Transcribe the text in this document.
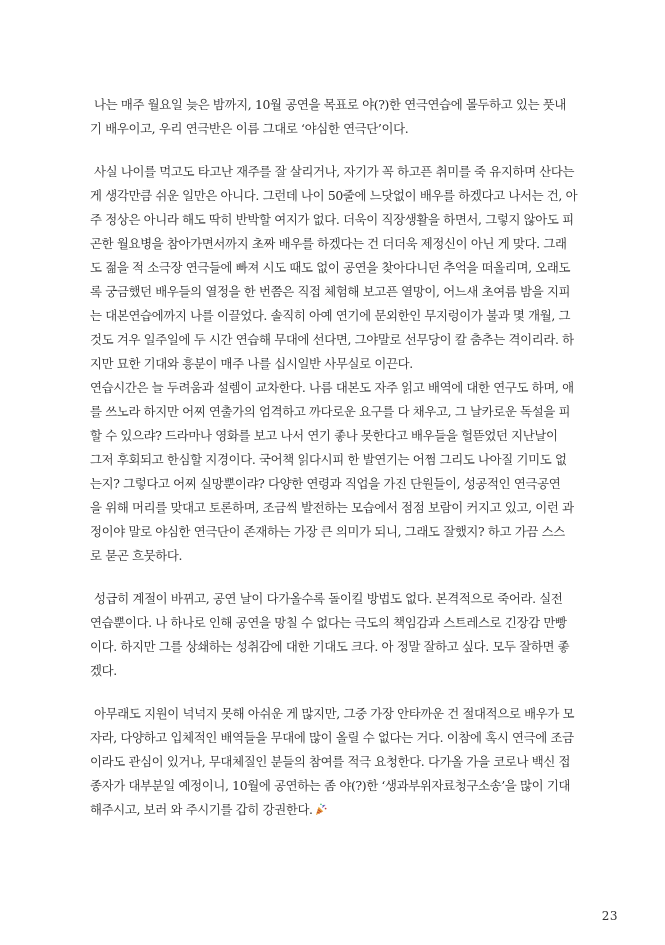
나는 매주 월요일 늦은 밤까지, 10월 공연을 목표로 야(?)한 연극연습에 몰두하고 있는 풋내
기 배우이고, 우리 연극반은 이름 그대로 ‘야심한 연극단’이다.

사실 나이를 먹고도 타고난 재주를 잘 살리거나, 자기가 꼭 하고픈 취미를 죽 유지하며 산다는
게 생각만큼 쉬운 일만은 아니다. 그런데 나이 50줄에 느닷없이 배우를 하겠다고 나서는 건, 아
주 정상은 아니라 해도 딱히 반박할 여지가 없다. 더욱이 직장생활을 하면서, 그렇지 않아도 피
곤한 월요병을 참아가면서까지 초짜 배우를 하겠다는 건 더더욱 제정신이 아닌 게 맞다. 그래
도 젊을 적 소극장 연극들에 빠져 시도 때도 없이 공연을 찾아다니던 추억을 떠올리며, 오래도
록 궁금했던 배우들의 열정을 한 번쯤은 직접 체험해 보고픈 열망이, 어느새 초여름 밤을 지피
는 대본연습에까지 나를 이끌었다. 솔직히 아예 연기에 문외한인 무지렁이가 불과 몇 개월, 그
것도 겨우 일주일에 두 시간 연습해 무대에 선다면, 그야말로 선무당이 칼 춤추는 격이리라. 하
지만 묘한 기대와 흥분이 매주 나를 십시일반 사무실로 이끈다.

연습시간은 늘 두려움과 설렘이 교차한다. 나름 대본도 자주 읽고 배역에 대한 연구도 하며, 애
를 쓰노라 하지만 어찌 연출가의 엄격하고 까다로운 요구를 다 채우고, 그 날카로운 독설을 피
할 수 있으랴? 드라마나 영화를 보고 나서 연기 좋나 못한다고 배우들을 헐뜯었던 지난날이
그저 후회되고 한심할 지경이다. 국어책 읽다시피 한 발연기는 어쩜 그리도 나아질 기미도 없
는지? 그렇다고 어찌 실망뿐이랴? 다양한 연령과 직업을 가진 단원들이, 성공적인 연극공연
을 위해 머리를 맞대고 토론하며, 조금씩 발전하는 모습에서 점점 보람이 커지고 있고, 이런 과
정이야 말로 야심한 연극단이 존재하는 가장 큰 의미가 되니, 그래도 잘했지? 하고 가끔 스스
로 묻곤 흐뭇하다.

성급히 계절이 바뀌고, 공연 날이 다가올수록 돌이킬 방법도 없다. 본격적으로 죽어라. 실전
연습뿐이다. 나 하나로 인해 공연을 망칠 수 없다는 극도의 책임감과 스트레스로 긴장감 만빵
이다. 하지만 그를 상쇄하는 성취감에 대한 기대도 크다. 아 정말 잘하고 싶다. 모두 잘하면 좋
겠다.

아무래도 지원이 넉넉지 못해 아쉬운 게 많지만, 그중 가장 안타까운 건 절대적으로 배우가 모
자라, 다양하고 입체적인 배역들을 무대에 많이 올릴 수 없다는 거다. 이참에 혹시 연극에 조금
이라도 관심이 있거나, 무대체질인 분들의 참여를 적극 요청한다. 다가올 가을 코로나 백신 접
종자가 대부분일 예정이니, 10월에 공연하는 좀 야(?)한 ‘생과부위자료청구소송’을 많이 기대
해주시고, 보러 와 주시기를 갑히 강권한다.

23
